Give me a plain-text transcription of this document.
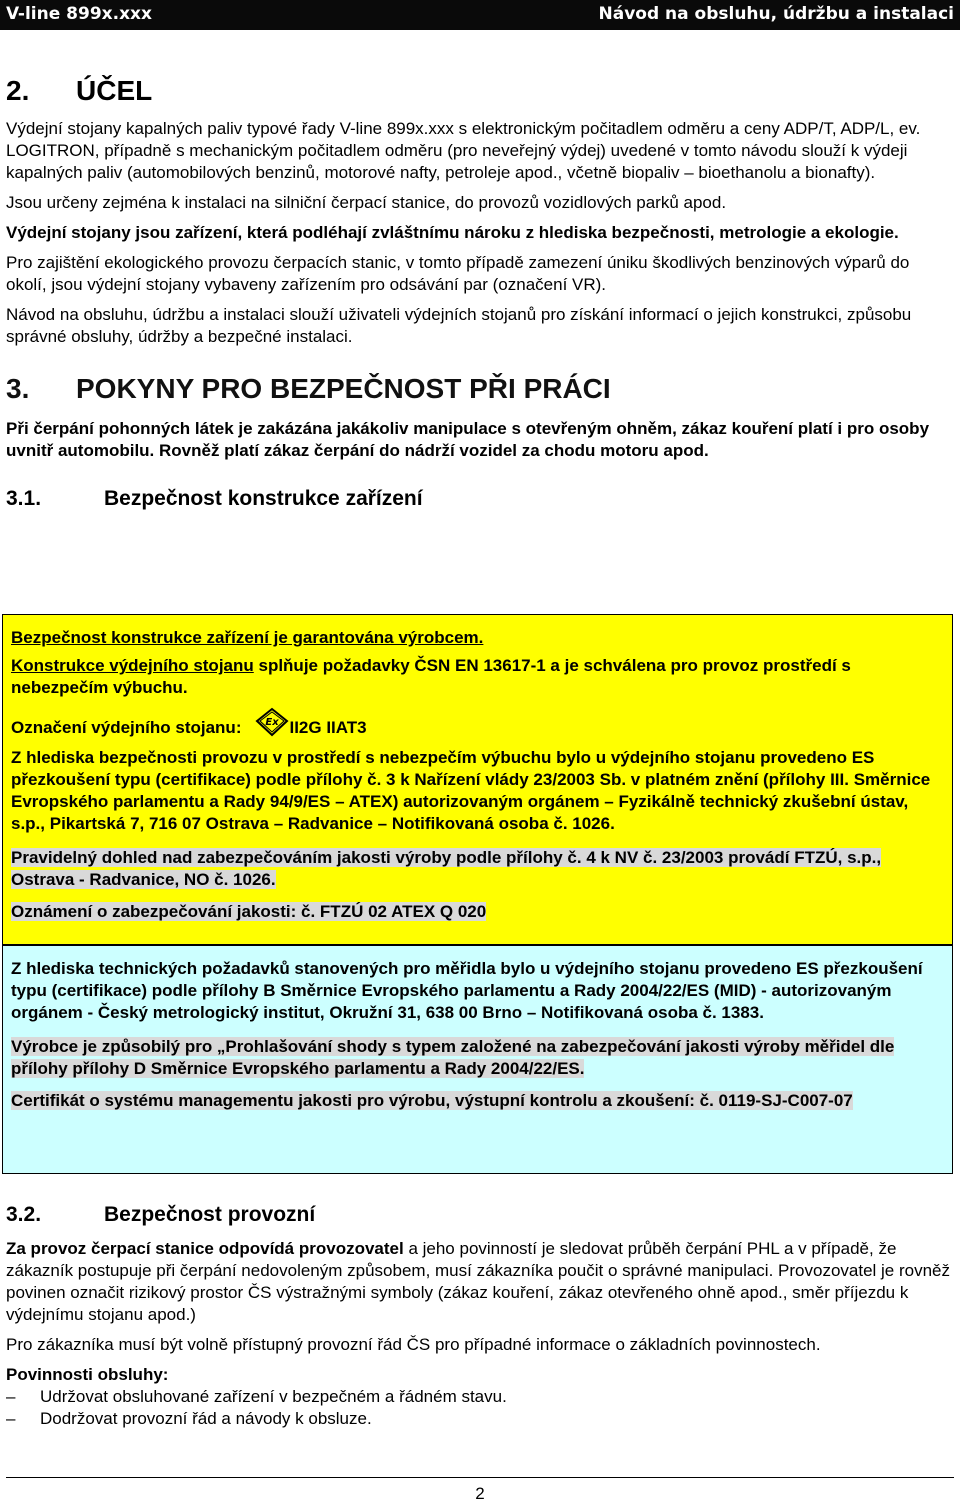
V-line 899x.xxx	Návod na obsluhu, údržbu a instalaci
2. ÚČEL

Výdejní stojany kapalných paliv typové řady V-line 899x.xxx s elektronickým počitadlem odměru a ceny ADP/T, ADP/L, ev. LOGITRON, případně s mechanickým počitadlem odměru (pro neveřejný výdej) uvedené v tomto návodu slouží k výdeji kapalných paliv (automobilových benzinů, motorové nafty, petroleje apod., včetně biopaliv – bioethanolu a bionafty).

Jsou určeny zejména k instalaci na silniční čerpací stanice, do provozů vozidlových parků apod.

Výdejní stojany jsou zařízení, která podléhají zvláštnímu nároku z hlediska bezpečnosti, metrologie a ekologie.

Pro zajištění ekologického provozu čerpacích stanic, v tomto případě zamezení úniku škodlivých benzinových výparů do okolí, jsou výdejní stojany vybaveny zařízením pro odsávání par (označení VR).

Návod na obsluhu, údržbu a instalaci slouží uživateli výdejních stojanů pro získání informací o jejich konstrukci, způsobu správné obsluhy, údržby a bezpečné instalaci.

3. POKYNY PRO BEZPEČNOST PŘI PRÁCI

Při čerpání pohonných látek je zakázána jakákoliv manipulace s otevřeným ohněm, zákaz kouření platí i pro osoby uvnitř automobilu. Rovněž platí zákaz čerpání do nádrží vozidel za chodu motoru apod.

3.1.	Bezpečnost konstrukce zařízení

Bezpečnost konstrukce zařízení je garantována výrobcem.

Konstrukce výdejního stojanu splňuje požadavky ČSN EN 13617-1 a je schválena pro provoz prostředí s nebezpečím výbuchu.

Označení výdejního stojanu: Ex II2G IIAT3

Z hlediska bezpečnosti provozu v prostředí s nebezpečím výbuchu bylo u výdejního stojanu provedeno ES přezkoušení typu (certifikace) podle přílohy č. 3 k Nařízení vlády 23/2003 Sb. v platném znění (přílohy III. Směrnice Evropského parlamentu a Rady 94/9/ES – ATEX) autorizovaným orgánem – Fyzikálně technický zkušební ústav, s.p., Pikartská 7, 716 07 Ostrava – Radvanice – Notifikovaná osoba č. 1026.

Pravidelný dohled nad zabezpečováním jakosti výroby podle přílohy č. 4 k NV č. 23/2003 provádí FTZÚ, s.p., Ostrava - Radvanice, NO č. 1026.

Oznámení o zabezpečování jakosti: č. FTZÚ 02 ATEX Q 020

Z hlediska technických požadavků stanovených pro měřidla bylo u výdejního stojanu provedeno ES přezkoušení typu (certifikace) podle přílohy B Směrnice Evropského parlamentu a Rady 2004/22/ES (MID) - autorizovaným orgánem - Český metrologický institut, Okružní 31, 638 00 Brno – Notifikovaná osoba č. 1383.

Výrobce je způsobilý pro „Prohlašování shody s typem založené na zabezpečování jakosti výroby měřidel dle přílohy přílohy D Směrnice Evropského parlamentu a Rady 2004/22/ES.

Certifikát o systému managementu jakosti pro výrobu, výstupní kontrolu a zkoušení: č. 0119-SJ-C007-07

3.2.	Bezpečnost provozní

Za provoz čerpací stanice odpovídá provozovatel a jeho povinností je sledovat průběh čerpání PHL a v případě, že zákazník postupuje při čerpání nedovoleným způsobem, musí zákazníka poučit o správné manipulaci. Provozovatel je rovněž povinen označit rizikový prostor ČS výstražnými symboly (zákaz kouření, zákaz otevřeného ohně apod., směr příjezdu k výdejnímu stojanu apod.)

Pro zákazníka musí být volně přístupný provozní řád ČS pro případné informace o základních povinnostech.

Povinnosti obsluhy:

– Udržovat obsluhované zařízení v bezpečném a řádném stavu.
– Dodržovat provozní řád a návody k obsluze.
2
